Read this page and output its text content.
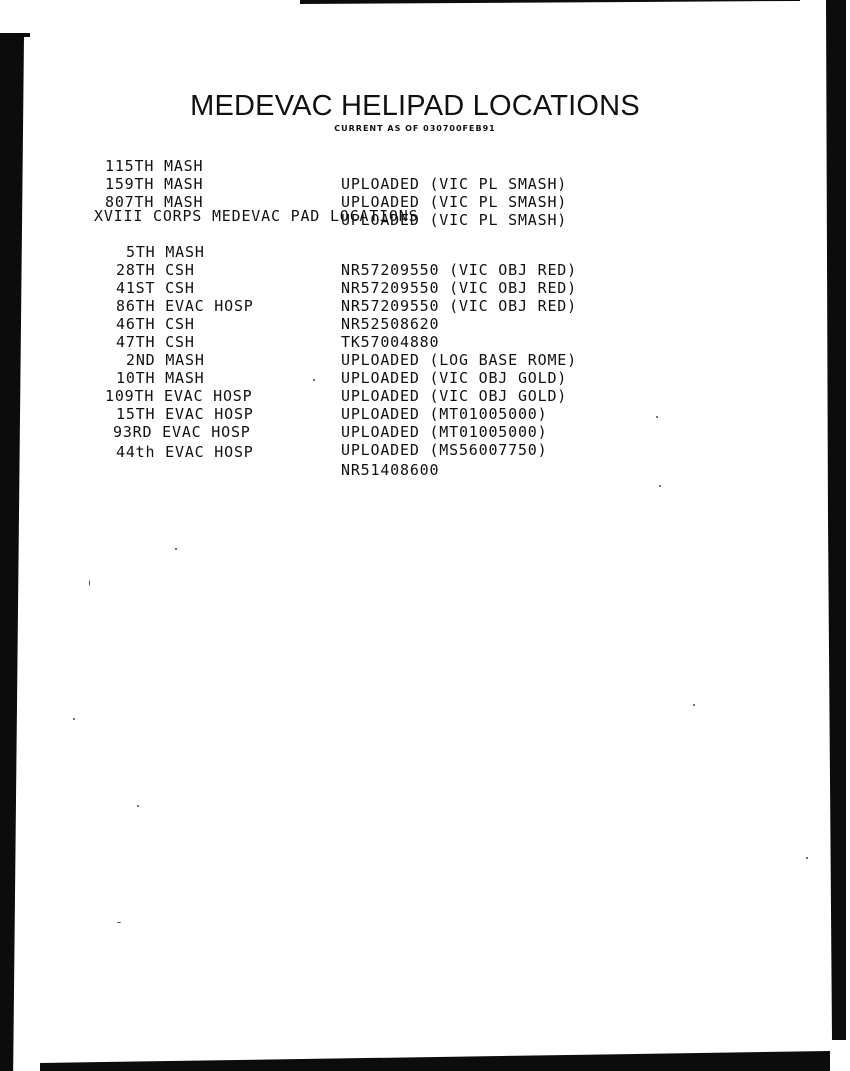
MEDEVAC HELIPAD LOCATIONS
CURRENT AS OF 030700FEB91

115TH MASH

UPLOADED (VIC PL SMASH)

159TH MASH

UPLOADED (VIC PL SMASH)

807TH MASH

UPLOADED (VIC PL SMASH)

XVIII CORPS MEDEVAC PAD LOCATIONS

5TH MASH

NR57209550 (VIC OBJ RED)

28TH CSH

NR57209550 (VIC OBJ RED)

41ST CSH

NR57209550 (VIC OBJ RED)

86TH EVAC HOSP

NR52508620

46TH CSH

TK57004880

47TH CSH

UPLOADED (LOG BASE ROME)

2ND MASH

UPLOADED (VIC OBJ GOLD)

10TH MASH

UPLOADED (VIC OBJ GOLD)

109TH EVAC HOSP

UPLOADED (MT01005000)

15TH EVAC HOSP

UPLOADED (MT01005000)

93RD EVAC HOSP

UPLOADED (MS56007750)

44th EVAC HOSP

NR51408600
